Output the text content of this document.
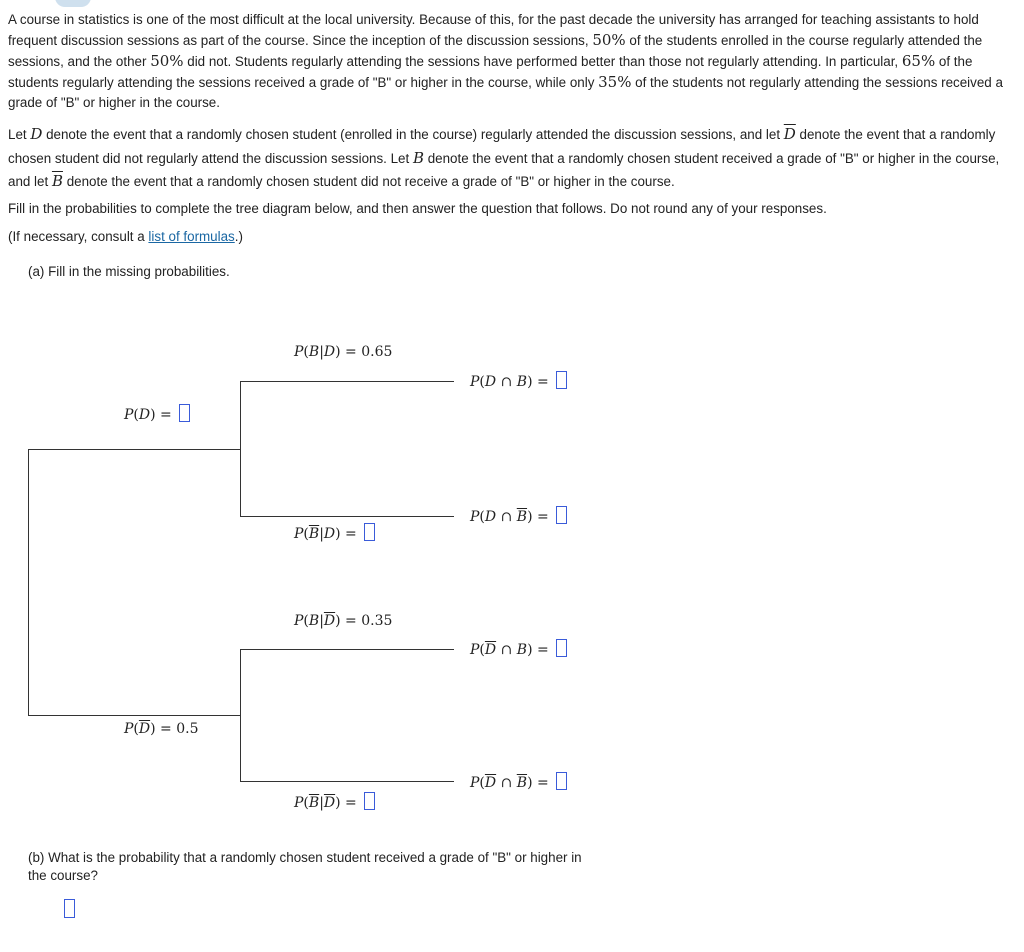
A course in statistics is one of the most difficult at the local university. Because of this, for the past decade the university has arranged for teaching assistants to hold frequent discussion sessions as part of the course. Since the inception of the discussion sessions, 50% of the students enrolled in the course regularly attended the sessions, and the other 50% did not. Students regularly attending the sessions have performed better than those not regularly attending. In particular, 65% of the students regularly attending the sessions received a grade of "B" or higher in the course, while only 35% of the students not regularly attending the sessions received a grade of "B" or higher in the course.

Let D denote the event that a randomly chosen student (enrolled in the course) regularly attended the discussion sessions, and let $\overline{D}$ denote the event that a randomly chosen student did not regularly attend the discussion sessions. Let B denote the event that a randomly chosen student received a grade of "B" or higher in the course, and let $\overline{B}$ denote the event that a randomly chosen student did not receive a grade of "B" or higher in the course.

Fill in the probabilities to complete the tree diagram below, and then answer the question that follows. Do not round any of your responses.

(If necessary, consult a list of formulas.)

(a) Fill in the missing probabilities.

P(D) =
$P(\overline{D}) = 0.5$
P(B|D) = 0.65
$P(\overline{B}|D)$ =
$P(B|\overline{D}) = 0.35$
$P(\overline{B}|\overline{D})$ =
P(D ∩ B) =
P(D ∩ $\overline{B}$) =
$P(\overline{D}$ ∩ B) =
$P(\overline{D}$ ∩ $\overline{B}$) =

(b) What is the probability that a randomly chosen student received a grade of "B" or higher in the course?
